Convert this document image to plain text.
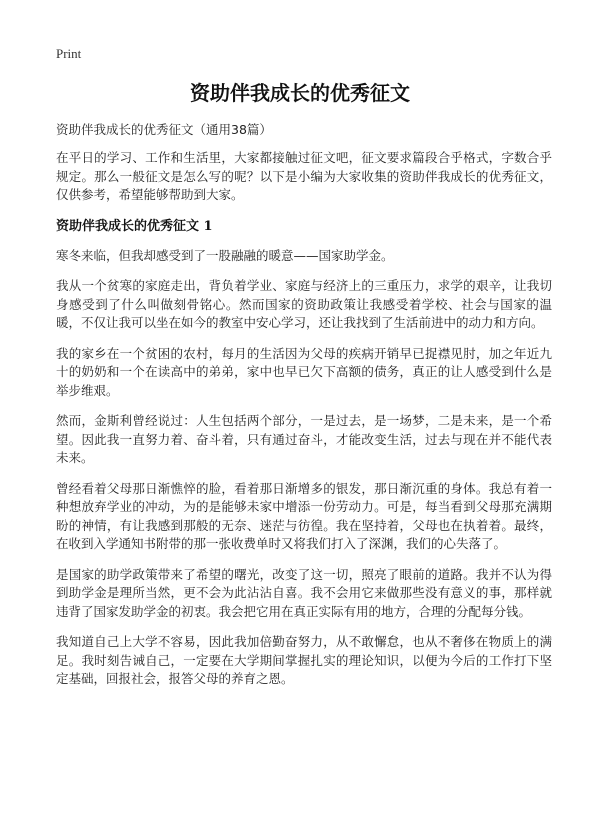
Print
资助伴我成长的优秀征文

资助伴我成长的优秀征文（通用38篇）

在平日的学习、工作和生活里，大家都接触过征文吧，征文要求篇段合乎格式，字数合乎规定。那么一般征文是怎么写的呢？以下是小编为大家收集的资助伴我成长的优秀征文，仅供参考，希望能够帮助到大家。

资助伴我成长的优秀征文 1

寒冬来临，但我却感受到了一股融融的暖意——国家助学金。

我从一个贫寒的家庭走出，背负着学业、家庭与经济上的三重压力，求学的艰辛，让我切身感受到了什么叫做刻骨铭心。然而国家的资助政策让我感受着学校、社会与国家的温暖，不仅让我可以坐在如今的教室中安心学习，还让我找到了生活前进中的动力和方向。

我的家乡在一个贫困的农村，每月的生活因为父母的疾病开销早已捉襟见肘，加之年近九十的奶奶和一个在读高中的弟弟，家中也早已欠下高额的债务，真正的让人感受到什么是举步维艰。

然而，金斯利曾经说过：人生包括两个部分，一是过去，是一场梦，二是未来，是一个希望。因此我一直努力着、奋斗着，只有通过奋斗，才能改变生活，过去与现在并不能代表未来。

曾经看着父母那日渐憔悴的脸，看着那日渐增多的银发，那日渐沉重的身体。我总有着一种想放弃学业的冲动，为的是能够未家中增添一份劳动力。可是，每当看到父母那充满期盼的神情，有让我感到那般的无奈、迷茫与彷徨。我在坚持着，父母也在执着着。最终，在收到入学通知书附带的那一张收费单时又将我们打入了深渊，我们的心失落了。

是国家的助学政策带来了希望的曙光，改变了这一切，照亮了眼前的道路。我并不认为得到助学金是理所当然，更不会为此沾沾自喜。我不会用它来做那些没有意义的事，那样就违背了国家发助学金的初衷。我会把它用在真正实际有用的地方，合理的分配每分钱。

我知道自己上大学不容易，因此我加倍勤奋努力，从不敢懈怠，也从不奢侈在物质上的满足。我时刻告诫自己，一定要在大学期间掌握扎实的理论知识，以便为今后的工作打下坚定基础，回报社会，报答父母的养育之恩。
